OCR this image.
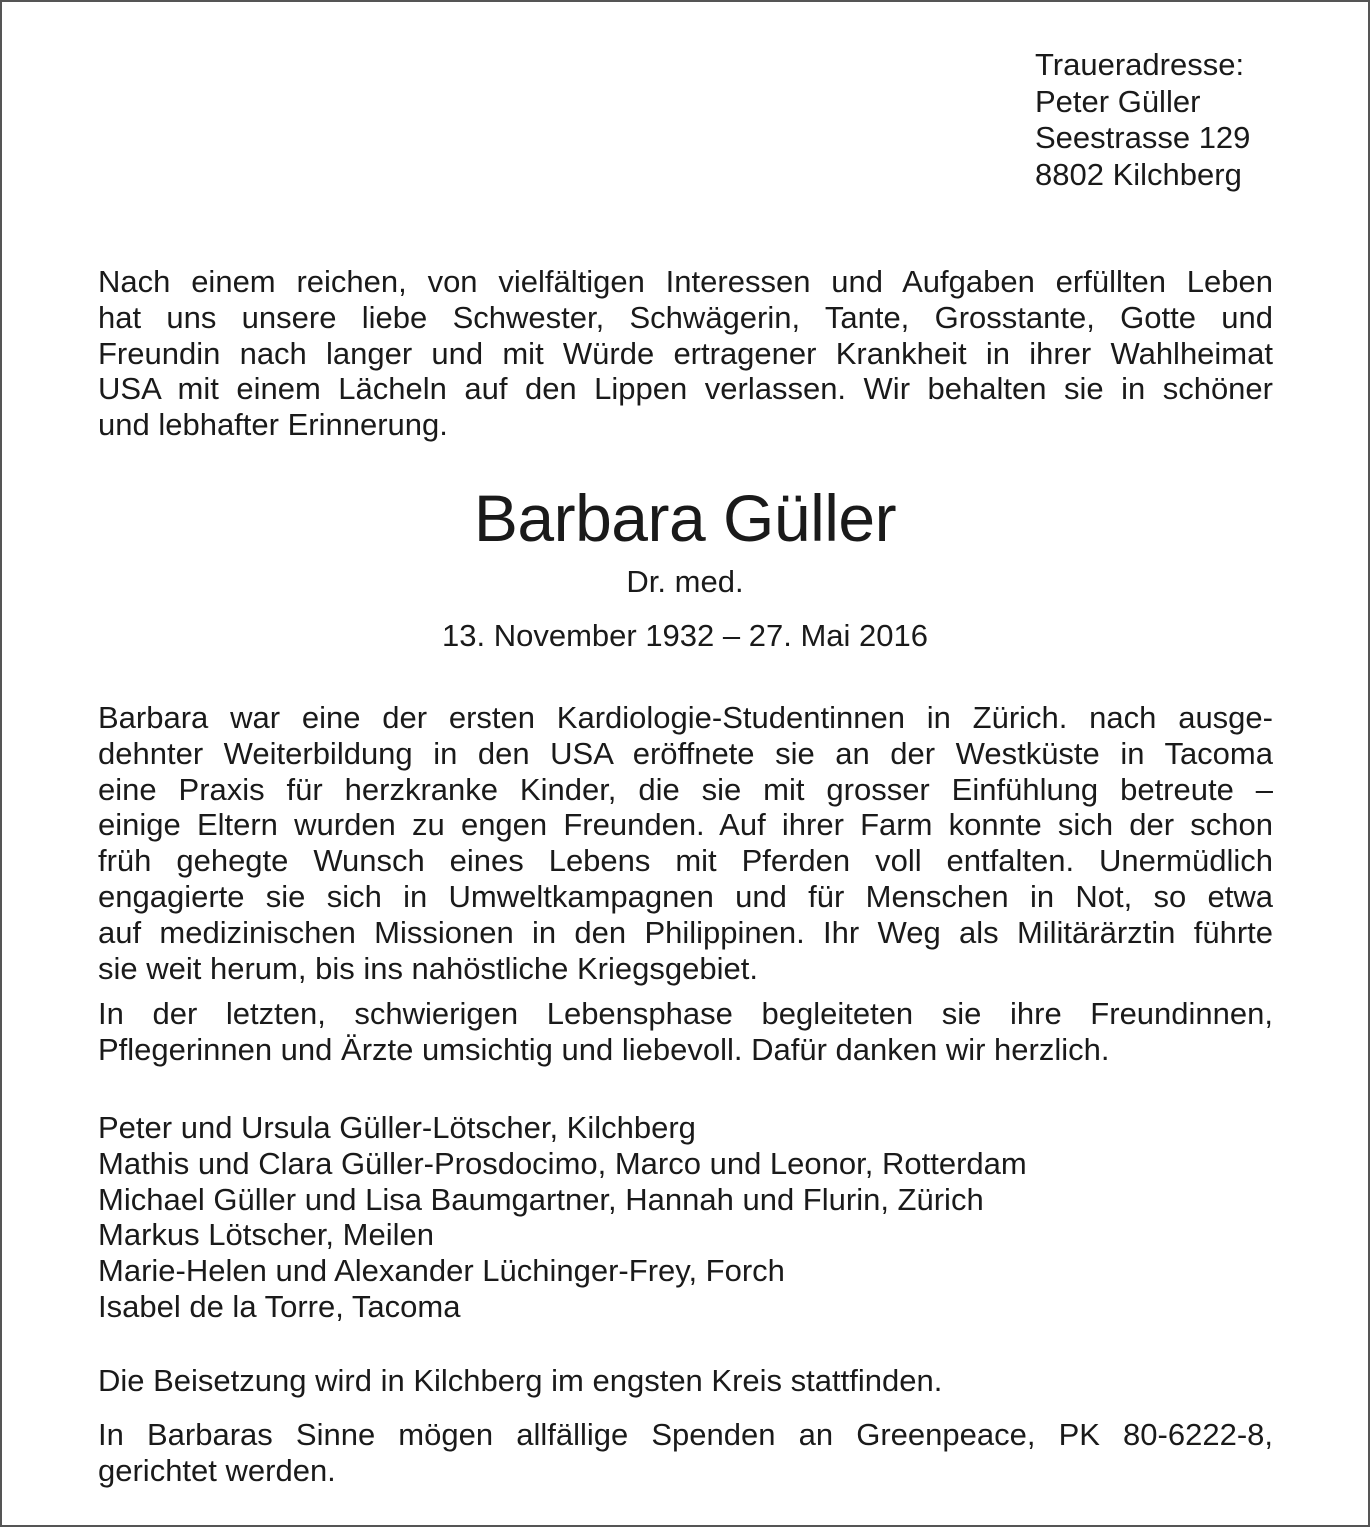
Traueradresse:
Peter Güller
Seestrasse 129
8802 Kilchberg
Nach einem reichen, von vielfältigen Interessen und Aufgaben erfüllten Leben
hat uns unsere liebe Schwester, Schwägerin, Tante, Grosstante, Gotte und
Freundin nach langer und mit Würde ertragener Krankheit in ihrer Wahlheimat
USA mit einem Lächeln auf den Lippen verlassen. Wir behalten sie in schöner
und lebhafter Erinnerung.
Barbara Güller
Dr. med.
13. November 1932 – 27. Mai 2016
Barbara war eine der ersten Kardiologie-Studentinnen in Zürich. nach ausge-
dehnter Weiterbildung in den USA eröffnete sie an der Westküste in Tacoma
eine Praxis für herzkranke Kinder, die sie mit grosser Einfühlung betreute –
einige Eltern wurden zu engen Freunden. Auf ihrer Farm konnte sich der schon
früh gehegte Wunsch eines Lebens mit Pferden voll entfalten. Unermüdlich
engagierte sie sich in Umweltkampagnen und für Menschen in Not, so etwa
auf medizinischen Missionen in den Philippinen. Ihr Weg als Militärärztin führte
sie weit herum, bis ins nahöstliche Kriegsgebiet.
In der letzten, schwierigen Lebensphase begleiteten sie ihre Freundinnen,
Pflegerinnen und Ärzte umsichtig und liebevoll. Dafür danken wir herzlich.
Peter und Ursula Güller-Lötscher, Kilchberg
Mathis und Clara Güller-Prosdocimo, Marco und Leonor, Rotterdam
Michael Güller und Lisa Baumgartner, Hannah und Flurin, Zürich
Markus Lötscher, Meilen
Marie-Helen und Alexander Lüchinger-Frey, Forch
Isabel de la Torre, Tacoma
Die Beisetzung wird in Kilchberg im engsten Kreis stattfinden.
In Barbaras Sinne mögen allfällige Spenden an Greenpeace, PK 80-6222-8,
gerichtet werden.
